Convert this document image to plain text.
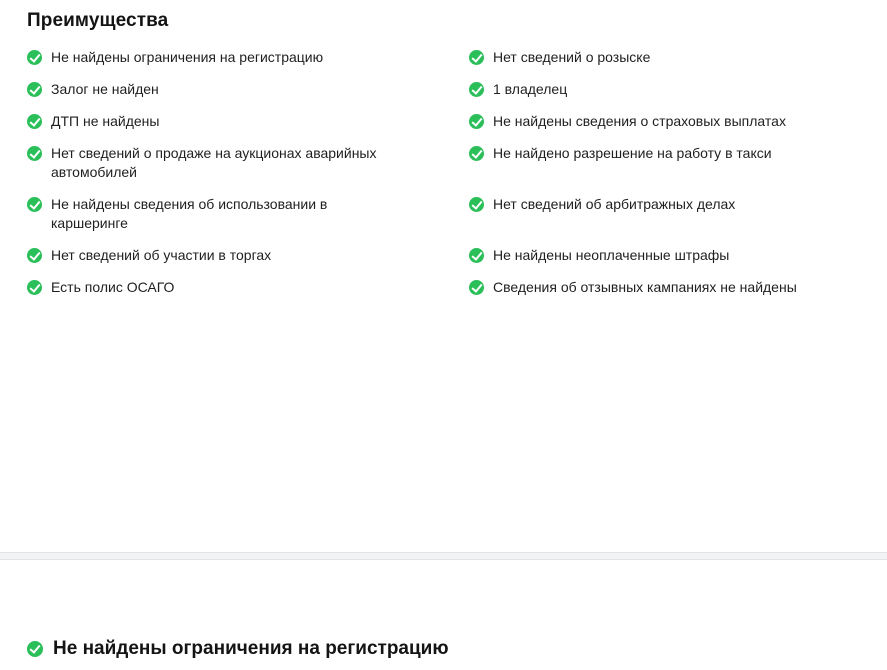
Преимущества
Не найдены ограничения на регистрацию	Нет сведений о розыске
Залог не найден	1 владелец
ДТП не найдены	Не найдены сведения о страховых выплатах
Нет сведений о продаже на аукционах аварийных автомобилей
Не найдено разрешение на работу в такси
Не найдены сведения об использовании в каршеринге
Нет сведений об арбитражных делах
Нет сведений об участии в торгах	Не найдены неоплаченные штрафы
Есть полис ОСАГО	Сведения об отзывных кампаниях не найдены
Не найдены ограничения на регистрацию
